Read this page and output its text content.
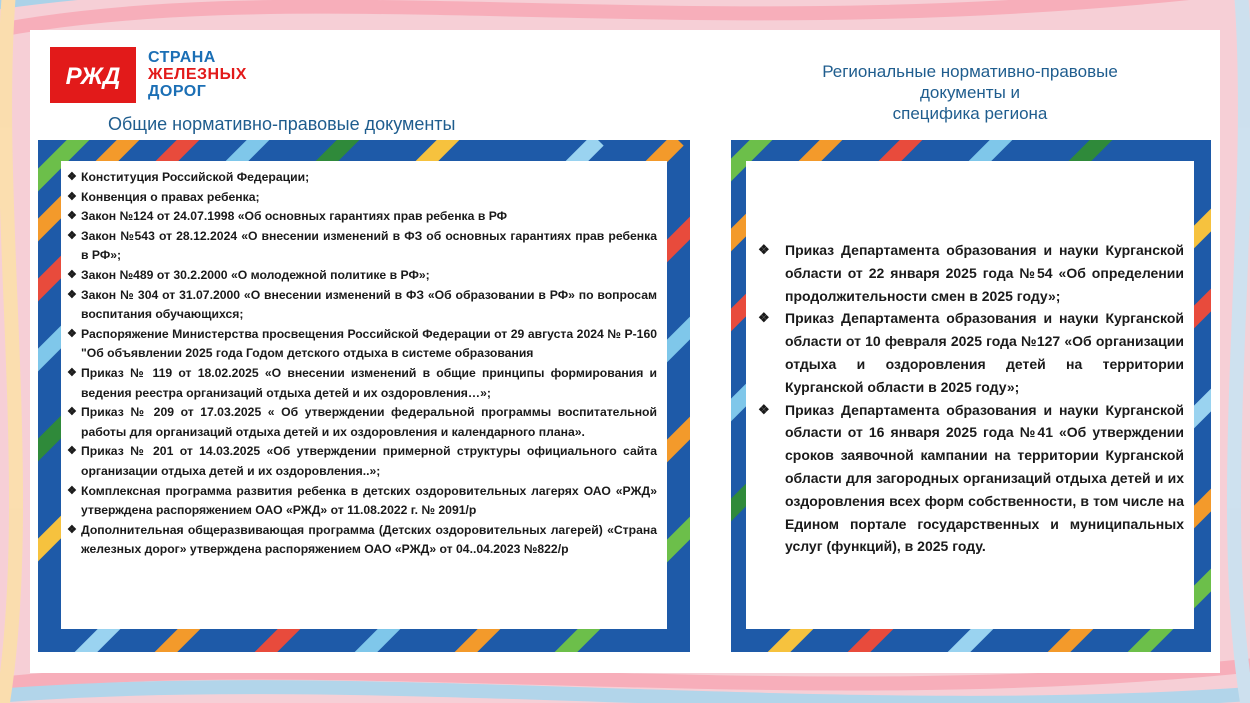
РЖД
СТРАНА
ЖЕЛЕЗНЫХ
ДОРОГ
Общие нормативно-правовые документы
Региональные нормативно-правовые
документы и
специфика региона
❖ Конституция Российской Федерации;
❖ Конвенция о правах ребенка;
❖ Закон №124 от 24.07.1998 «Об основных гарантиях прав ребенка в РФ
❖ Закон №543 от 28.12.2024 «О внесении изменений в ФЗ об основных гарантиях прав ребенка в РФ»;
❖ Закон №489 от 30.2.2000 «О молодежной политике в РФ»;
❖ Закон № 304 от 31.07.2000 «О внесении изменений в ФЗ «Об образовании в РФ» по вопросам воспитания обучающихся;
❖ Распоряжение Министерства просвещения Российской Федерации от 29 августа 2024 № Р-160 "Об объявлении 2025 года Годом детского отдыха в системе образования
❖ Приказ № 119 от 18.02.2025 «О внесении изменений в общие принципы формирования и ведения реестра организаций отдыха детей и их оздоровления…»;
❖ Приказ № 209 от 17.03.2025 « Об утверждении федеральной программы воспитательной работы для организаций отдыха детей и их оздоровления и календарного плана».
❖ Приказ № 201 от 14.03.2025 «Об утверждении примерной структуры официального сайта организации отдыха детей и их оздоровления..»;
❖ Комплексная программа развития ребенка в детских оздоровительных лагерях ОАО «РЖД» утверждена распоряжением ОАО «РЖД» от 11.08.2022 г. № 2091/р
❖ Дополнительная общеразвивающая программа (Детских оздоровительных лагерей) «Страна железных дорог» утверждена распоряжением ОАО «РЖД» от 04..04.2023 №822/р
❖ Приказ Департамента образования и науки Курганской области от 22 января 2025 года №54 «Об определении продолжительности смен в 2025 году»;
❖ Приказ Департамента образования и науки Курганской области от 10 февраля 2025 года №127 «Об организации отдыха и оздоровления детей на территории Курганской области в 2025 году»;
❖ Приказ Департамента образования и науки Курганской области от 16 января 2025 года №41 «Об утверждении сроков заявочной кампании на территории Курганской области для загородных организаций отдыха детей и их оздоровления всех форм собственности, в том числе на Едином портале государственных и муниципальных услуг (функций), в 2025 году.
